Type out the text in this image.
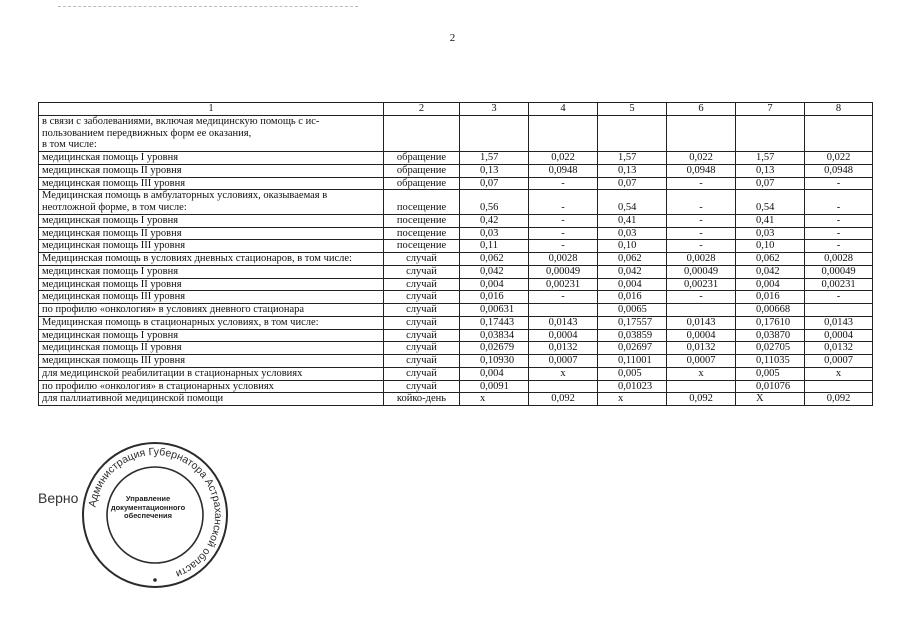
2
1	2	3	4	5	6	7	8
в связи с заболеваниями, включая медицинскую помощь с ис-пользованием передвижных форм ее оказания,
в том числе:							
медицинская помощь I уровня	обращение	1,57	0,022	1,57	0,022	1,57	0,022
медицинская помощь II уровня	обращение	0,13	0,0948	0,13	0,0948	0,13	0,0948
медицинская помощь III уровня	обращение	0,07	-	0,07	-	0,07	-
Медицинская помощь в амбулаторных условиях, оказываемая в неотложной форме, в том числе:	посещение	0,56	-	0,54	-	0,54	-
медицинская помощь I уровня	посещение	0,42	-	0,41	-	0,41	-
медицинская помощь II уровня	посещение	0,03	-	0,03	-	0,03	-
медицинская помощь III уровня	посещение	0,11	-	0,10	-	0,10	-
Медицинская помощь в условиях дневных стационаров, в том числе:	случай	0,062	0,0028	0,062	0,0028	0,062	0,0028
медицинская помощь I уровня	случай	0,042	0,00049	0,042	0,00049	0,042	0,00049
медицинская помощь II уровня	случай	0,004	0,00231	0,004	0,00231	0,004	0,00231
медицинская помощь III уровня	случай	0,016	-	0,016	-	0,016	-
по профилю «онкология» в условиях дневного стационара	случай	0,00631		0,0065		0,00668	
Медицинская помощь в стационарных условиях, в том числе:	случай	0,17443	0,0143	0,17557	0,0143	0,17610	0,0143
медицинская помощь I уровня	случай	0,03834	0,0004	0,03859	0,0004	0,03870	0,0004
медицинская помощь II уровня	случай	0,02679	0,0132	0,02697	0,0132	0,02705	0,0132
медицинская помощь III уровня	случай	0,10930	0,0007	0,11001	0,0007	0,11035	0,0007
для медицинской реабилитации в стационарных условиях	случай	0,004	x	0,005	x	0,005	x
по профилю «онкология» в стационарных условиях	случай	0,0091		0,01023		0,01076	
для паллиативной медицинской помощи	койко-день	x	0,092	x	0,092	X	0,092
Верно Администрация Губернатора Астраханской области
Управление
документационного
обеспечения
